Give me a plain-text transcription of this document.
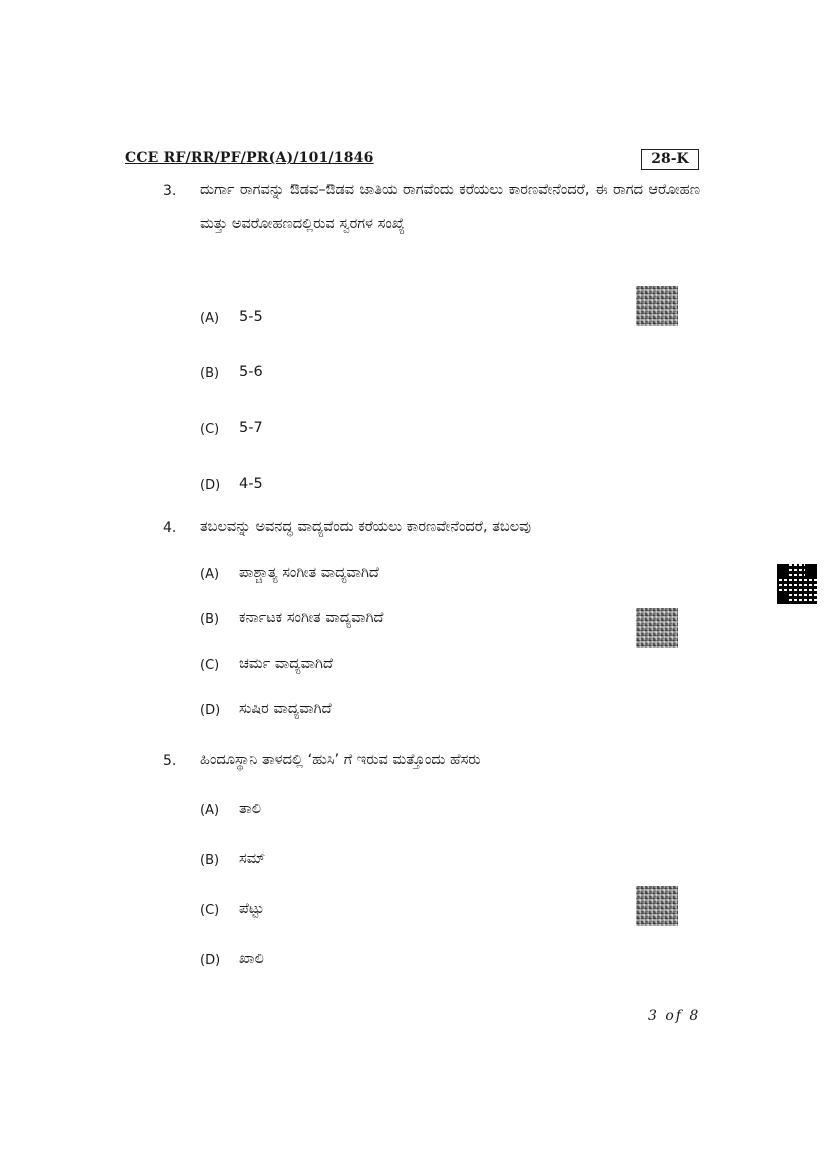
CCE RF/RR/PF/PR(A)/101/1846	28-K
3. ದುರ್ಗಾ ರಾಗವನ್ನು ಔಡವ–ಔಡವ ಜಾತಿಯ ರಾಗವೆಂದು ಕರೆಯಲು ಕಾರಣವೇನೆಂದರೆ, ಈ ರಾಗದ ಆರೋಹಣ ಮತ್ತು ಅವರೋಹಣದಲ್ಲಿರುವ ಸ್ವರಗಳ ಸಂಖ್ಯೆ
(A) 5-5
(B) 5-6
(C) 5-7
(D) 4-5
4. ತಬಲವನ್ನು ಅವನದ್ಧ ವಾದ್ಯವೆಂದು ಕರೆಯಲು ಕಾರಣವೇನೆಂದರೆ, ತಬಲವು
(A) ಪಾಶ್ಚಾತ್ಯ ಸಂಗೀತ ವಾದ್ಯವಾಗಿದೆ
(B) ಕರ್ನಾಟಕ ಸಂಗೀತ ವಾದ್ಯವಾಗಿದೆ
(C) ಚರ್ಮ ವಾದ್ಯವಾಗಿದೆ
(D) ಸುಷಿರ ವಾದ್ಯವಾಗಿದೆ
5. ಹಿಂದೂಸ್ಥಾನಿ ತಾಳದಲ್ಲಿ ‘ಹುಸಿ’ ಗೆ ಇರುವ ಮತ್ತೊಂದು ಹೆಸರು
(A) ತಾಲಿ
(B) ಸಮ್
(C) ಪೆಟ್ಟು
(D) ಖಾಲಿ
3 of 8
